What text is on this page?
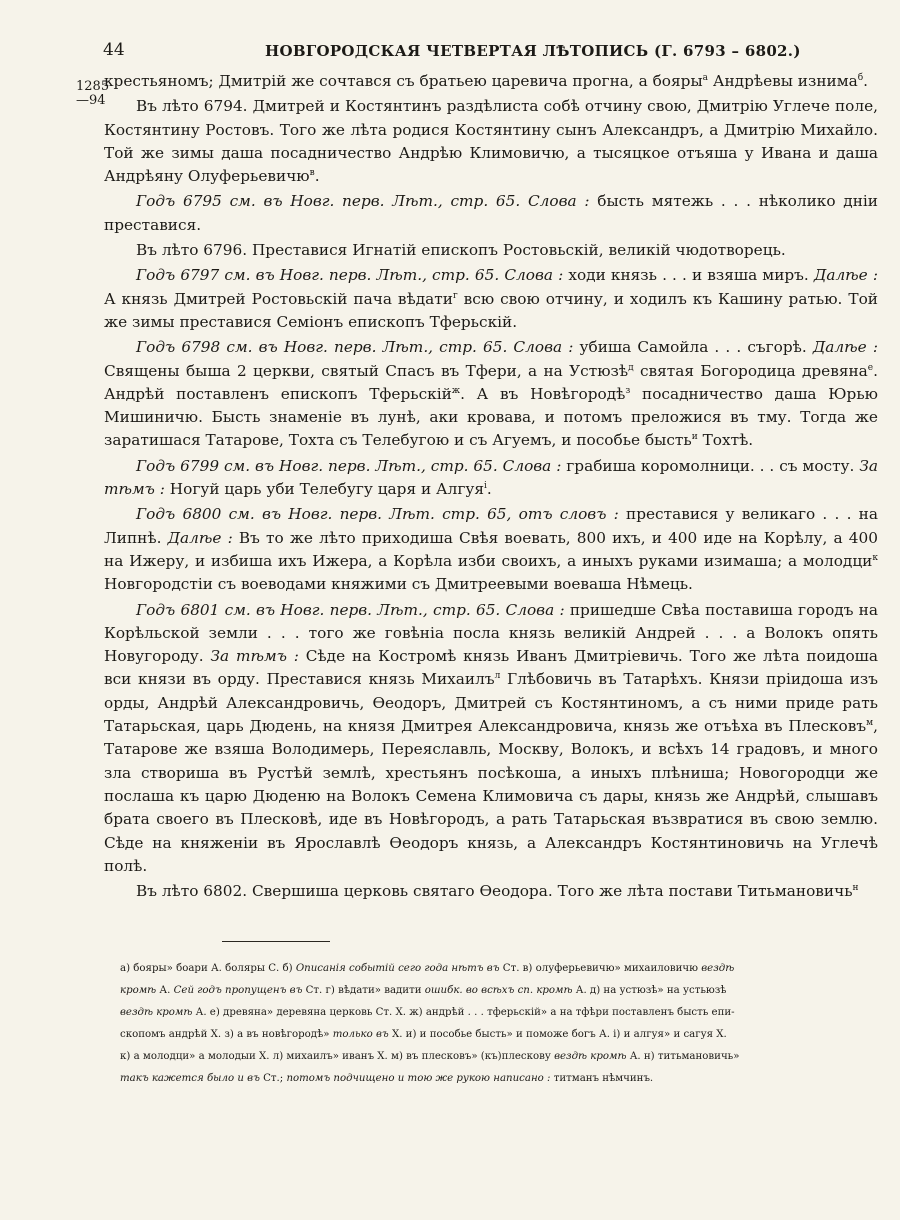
44	НОВГОРОДСКАЯ ЧЕТВЕРТАЯ ЛѢТОПИСЬ (Г. 6793 – 6802.)
1285
—94

крестьяномъ; Дмитрій же сочтався съ братьею царевича прогна, а бояры$^а$ Андрѣевы изнима$^б$.

Въ лѣто 6794. Дмитрей и Костянтинъ раздѣлиста собѣ отчину свою, Дмитрію Углече поле, Костянтину Ростовъ. Того же лѣта родися Костянтину сынъ Александръ, а Дмитрію Михайло. Той же зимы даша посадничество Андрѣю Климовичю, а тысяцкое отъяша у Ивана и даша Андрѣяну Олуферьевичю$^в$.

Годъ 6795 см. въ Новг. перв. Лѣт., стр. 65. Слова : бысть мятежь . . . нѣколико дніи преставися.

Въ лѣто 6796. Преставися Игнатій епископъ Ростовьскій, великій чюдотворець.

Годъ 6797 см. въ Новг. перв. Лѣт., стр. 65. Слова : ходи князь . . . и взяша миръ. Далѣе : А князь Дмитрей Ростовьскій пача вѣдати$^г$ всю свою отчину, и ходилъ къ Кашину ратью. Той же зимы преставися Семіонъ епископъ Тферьскій.

Годъ 6798 см. въ Новг. перв. Лѣт., стр. 65. Слова : убиша Самойла . . . съгорѣ. Далѣе : Священы быша 2 церкви, святый Спасъ въ Тфери, а на Устюзѣ$^д$ святая Богородица древяна$^е$. Андрѣй поставленъ епископъ Тферьскій$^ж$. А въ Новѣгородѣ$^з$ посадничество даша Юрью Мишиничю. Бысть знаменіе въ лунѣ, аки кровава, и потомъ преложися въ тму. Тогда же заратишася Татарове, Тохта съ Телебугою и съ Агуемъ, и пособье бысть$^и$ Тохтѣ.

Годъ 6799 см. въ Новг. перв. Лѣт., стр. 65. Слова : грабиша коромолници. . . съ мосту. За тѣмъ : Ногуй царь уби Телебугу царя и Алгуя$^і$.

Годъ 6800 см. въ Новг. перв. Лѣт. стр. 65, отъ словъ : преставися у великаго . . . на Липнѣ. Далѣе : Въ то же лѣто приходиша Свѣя воевать, 800 ихъ, и 400 иде на Корѣлу, а 400 на Ижеру, и избиша ихъ Ижера, а Корѣла изби своихъ, а иныхъ руками изимаша; а молодци$^к$ Новгородстіи съ воеводами княжими съ Дмитреевыми воеваша Нѣмець.

Годъ 6801 см. въ Новг. перв. Лѣт., стр. 65. Слова : пришедше Свѣа поставиша городъ на Корѣльской земли . . . того же говѣніа посла князь великій Андрей . . . а Волокъ опять Новугороду. За тѣмъ : Сѣде на Костромѣ князь Иванъ Дмитріевичь. Того же лѣта поидоша вси князи въ орду. Преставися князь Михаилъ$^л$ Глѣбовичь въ Татарѣхъ. Князи пріидоша изъ орды, Андрѣй Александровичь, Ѳеодоръ, Дмитрей съ Костянтиномъ, а съ ними приде рать Татарьская, царь Дюдень, на князя Дмитрея Александровича, князь же отъѣха въ Плесковъ$^м$, Татарове же взяша Володимерь, Переяславль, Москву, Волокъ, и всѣхъ 14 градовъ, и много зла створиша въ Рустѣй землѣ, хрестьянъ посѣкоша, а иныхъ плѣниша; Новогородци же послаша къ царю Дюденю на Волокъ Семена Климовича съ дары, князь же Андрѣй, слышавъ брата своего въ Плесковѣ, иде въ Новѣгородъ, а рать Татарьская възвратися въ свою землю. Сѣде на княженіи въ Ярославлѣ Ѳеодоръ князь, а Александръ Костянтиновичь на Углечѣ полѣ.

Въ лѣто 6802. Свершиша церковь святаго Ѳеодора. Того же лѣта постави Титьмановичь$^н$

а) бояры» боари А. боляры С. б) Описанія событій сего года нѣтъ въ Ст. в) олуферьевичю» михаиловичю вездѣ
кромѣ А. Сей годъ пропущенъ въ Ст. г) вѣдати» вадити ошибк. во всѣхъ сп. кромѣ А. д) на устюзѣ» на устьюзѣ
вездѣ кромѣ А. е) древяна» деревяна церковь Ст. Х. ж) андрѣй . . . тферьскій» а на тфѣри поставленъ бысть епи-
скопомъ андрѣй Х. з) а въ новѣгородѣ» только въ Х. и) и пособье бысть» и поможе богъ А. і) и алгуя» и сагуя Х.
к) а молодци» а молодыи Х. л) михаилъ» иванъ Х. м) въ плесковъ» (къ)плескову вездѣ кромѣ А. н) титьмановичь»
такъ кажется было и въ Ст.; потомъ подчищено и тою же рукою написано : титманъ нѣмчинъ.
